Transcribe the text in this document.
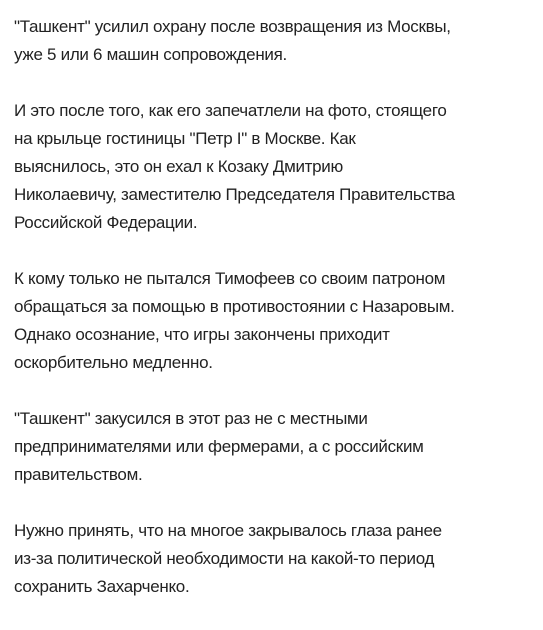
"Ташкент" усилил охрану после возвращения из Москвы,
уже 5 или 6 машин сопровождения.

И это после того, как его запечатлели на фото, стоящего
на крыльце гостиницы "Петр I" в Москве. Как
выяснилось, это он ехал к Козаку Дмитрию
Николаевичу, заместителю Председателя Правительства
Российской Федерации.

К кому только не пытался Тимофеев со своим патроном
обращаться за помощью в противостоянии с Назаровым.
Однако осознание, что игры закончены приходит
оскорбительно медленно.

"Ташкент" закусился в этот раз не с местными
предпринимателями или фермерами, а с российским
правительством.

Нужно принять, что на многое закрывалось глаза ранее
из-за политической необходимости на какой-то период
сохранить Захарченко.
